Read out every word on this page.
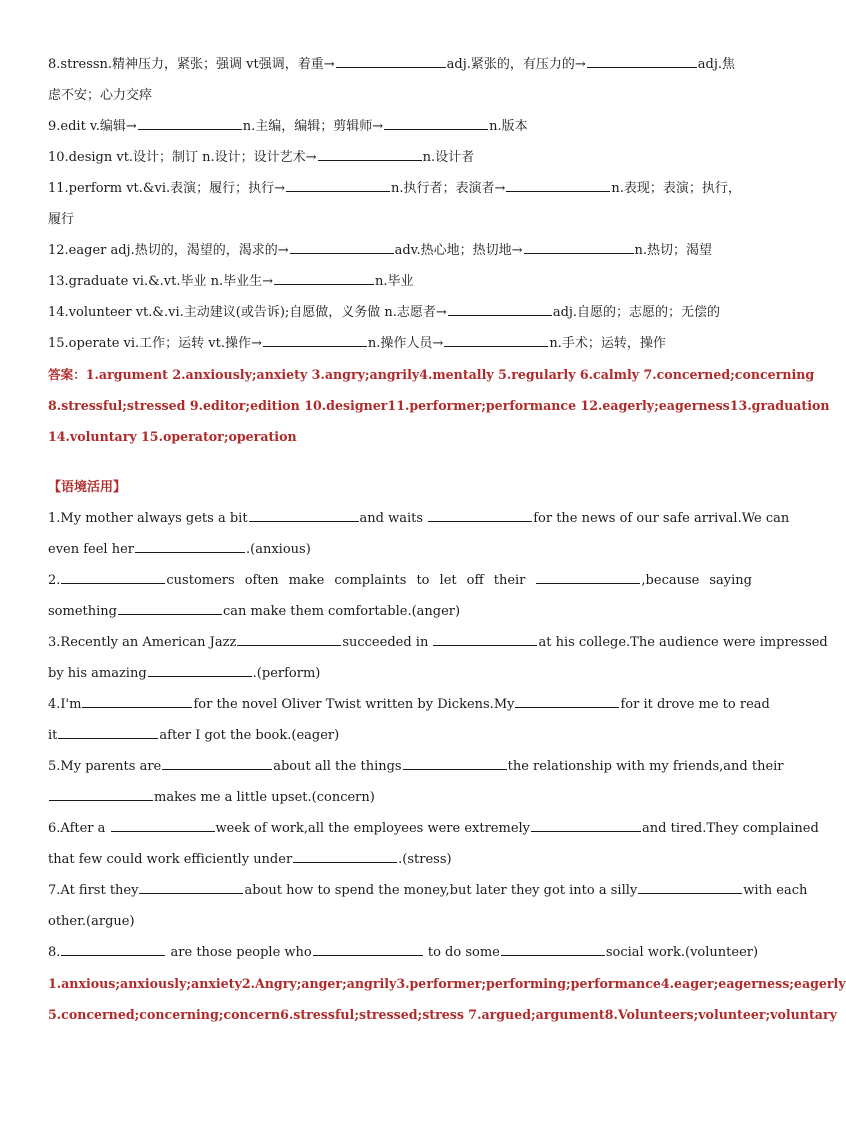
8.stressn.精神压力，紧张；强调 vt强调，着重→	adj.紧张的，有压力的→	adj.焦
虑不安；心力交瘁
9.edit v.编辑→	n.主编，编辑；剪辑师→	n.版本
10.design vt.设计；制订 n.设计；设计艺术→	n.设计者
11.perform vt.&vi.表演；履行；执行→	n.执行者；表演者→	n.表现；表演；执行，
履行
12.eager adj.热切的，渴望的，渴求的→	adv.热心地；热切地→	n.热切；渴望
13.graduate vi.&.vt.毕业 n.毕业生→	n.毕业
14.volunteer vt.&.vi.主动建议(或告诉);自愿做，义务做 n.志愿者→	adj.自愿的；志愿的；无偿的
15.operate vi.工作；运转 vt.操作→	n.操作人员→	n.手术；运转，操作
答案：1.argument 2.anxiously;anxiety 3.angry;angrily4.mentally 5.regularly 6.calmly 7.concerned;concerning
8.stressful;stressed 9.editor;edition 10.designer11.performer;performance 12.eagerly;eagerness13.graduation
14.voluntary 15.operator;operation
【语境活用】
1.My mother always gets a bit	and waits	for the news of our safe arrival.We can
even feel her	.(anxious)
2.	customers often make complaints to let off their	,because saying
something	can make them comfortable.(anger)
3.Recently an American Jazz	succeeded in	at his college.The audience were impressed
by his amazing	.(perform)
4.I'm	for the novel Oliver Twist written by Dickens.My	for it drove me to read
it	after I got the book.(eager)
5.My parents are	about all the things	the relationship with my friends,and their
makes me a little upset.(concern)
6.After a	week of work,all the employees were extremely	and tired.They complained
that few could work efficiently under	.(stress)
7.At first they	about how to spend the money,but later they got into a silly	with each
other.(argue)
8.	are those people who	to do some	social work.(volunteer)
1.anxious;anxiously;anxiety2.Angry;anger;angrily3.performer;performing;performance4.eager;eagerness;eagerly
5.concerned;concerning;concern6.stressful;stressed;stress 7.argued;argument8.Volunteers;volunteer;voluntary
